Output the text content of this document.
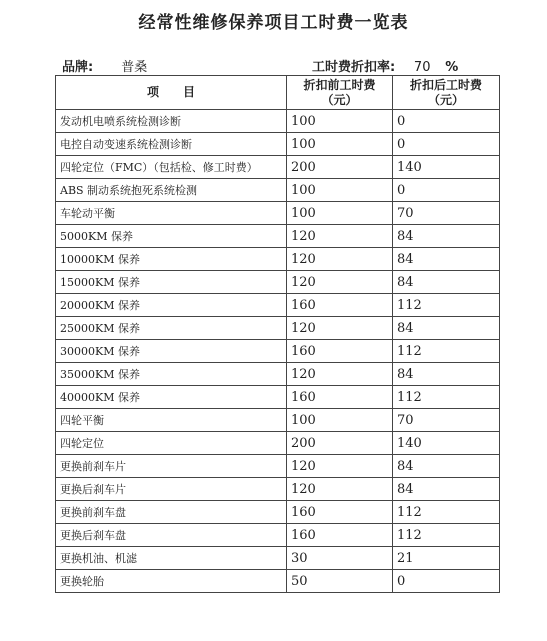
经常性维修保养项目工时费一览表
品牌: 普桑	工时费折扣率: 70 %
项　　目	折扣前工时费（元）	折扣后工时费（元）
发动机电喷系统检测诊断	100	0
电控自动变速系统检测诊断	100	0
四轮定位（FMC）（包括检、修工时费）	200	140
ABS 制动系统抱死系统检测	100	0
车轮动平衡	100	70
5000KM 保养	120	84
10000KM 保养	120	84
15000KM 保养	120	84
20000KM 保养	160	112
25000KM 保养	120	84
30000KM 保养	160	112
35000KM 保养	120	84
40000KM 保养	160	112
四轮平衡	100	70
四轮定位	200	140
更换前刹车片	120	84
更换后刹车片	120	84
更换前刹车盘	160	112
更换后刹车盘	160	112
更换机油、机滤	30	21
更换轮胎	50	0
